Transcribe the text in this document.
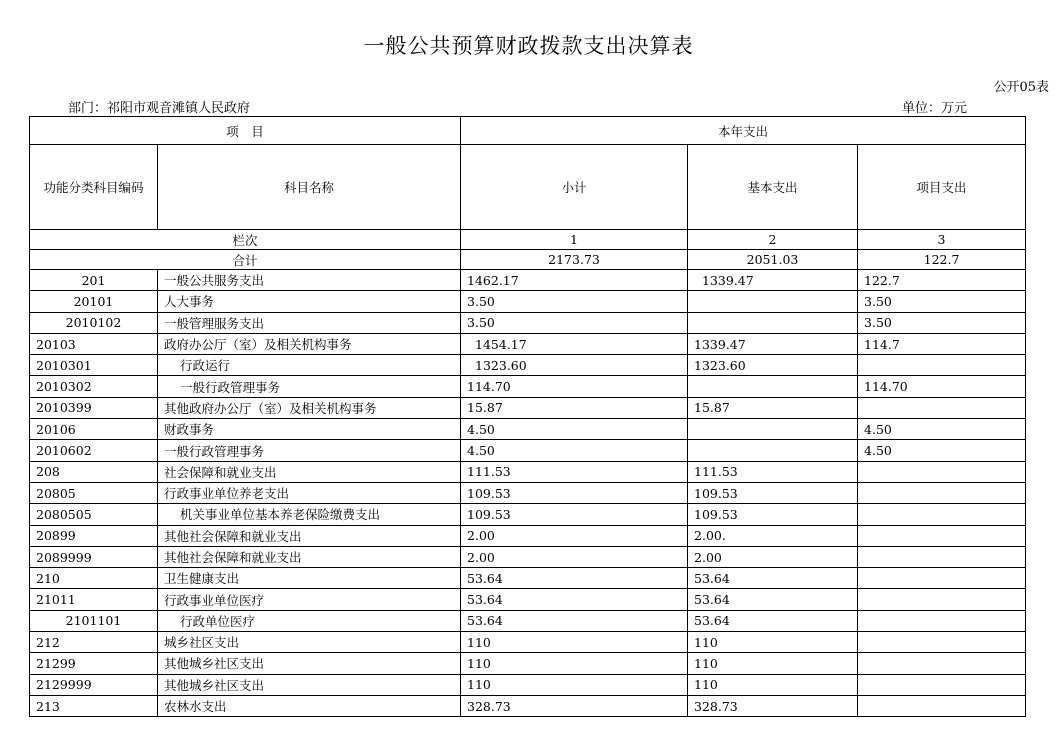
一般公共预算财政拨款支出决算表
公开05表
部门：祁阳市观音滩镇人民政府	单位：万元
项　目		本年支出		
功能分类科目编码	科目名称	小计	基本支出	项目支出
栏次		1	2	3
合计		2173.73	2051.03	122.7
201	一般公共服务支出	1462.17	1339.47	122.7
20101	人大事务	3.50		3.50
2010102	一般管理服务支出	3.50		3.50
20103	政府办公厅（室）及相关机构事务	1454.17	1339.47	114.7
2010301	行政运行	1323.60	1323.60	
2010302	一般行政管理事务	114.70		114.70
2010399	其他政府办公厅（室）及相关机构事务	15.87	15.87	
20106	财政事务	4.50		4.50
2010602	一般行政管理事务	4.50		4.50
208	社会保障和就业支出	111.53	111.53	
20805	行政事业单位养老支出	109.53	109.53	
2080505	机关事业单位基本养老保险缴费支出	109.53	109.53	
20899	其他社会保障和就业支出	2.00	2.00.	
2089999	其他社会保障和就业支出	2.00	2.00	
210	卫生健康支出	53.64	53.64	
21011	行政事业单位医疗	53.64	53.64	
2101101	行政单位医疗	53.64	53.64	
212	城乡社区支出	110	110	
21299	其他城乡社区支出	110	110	
2129999	其他城乡社区支出	110	110	
213	农林水支出	328.73	328.73	
